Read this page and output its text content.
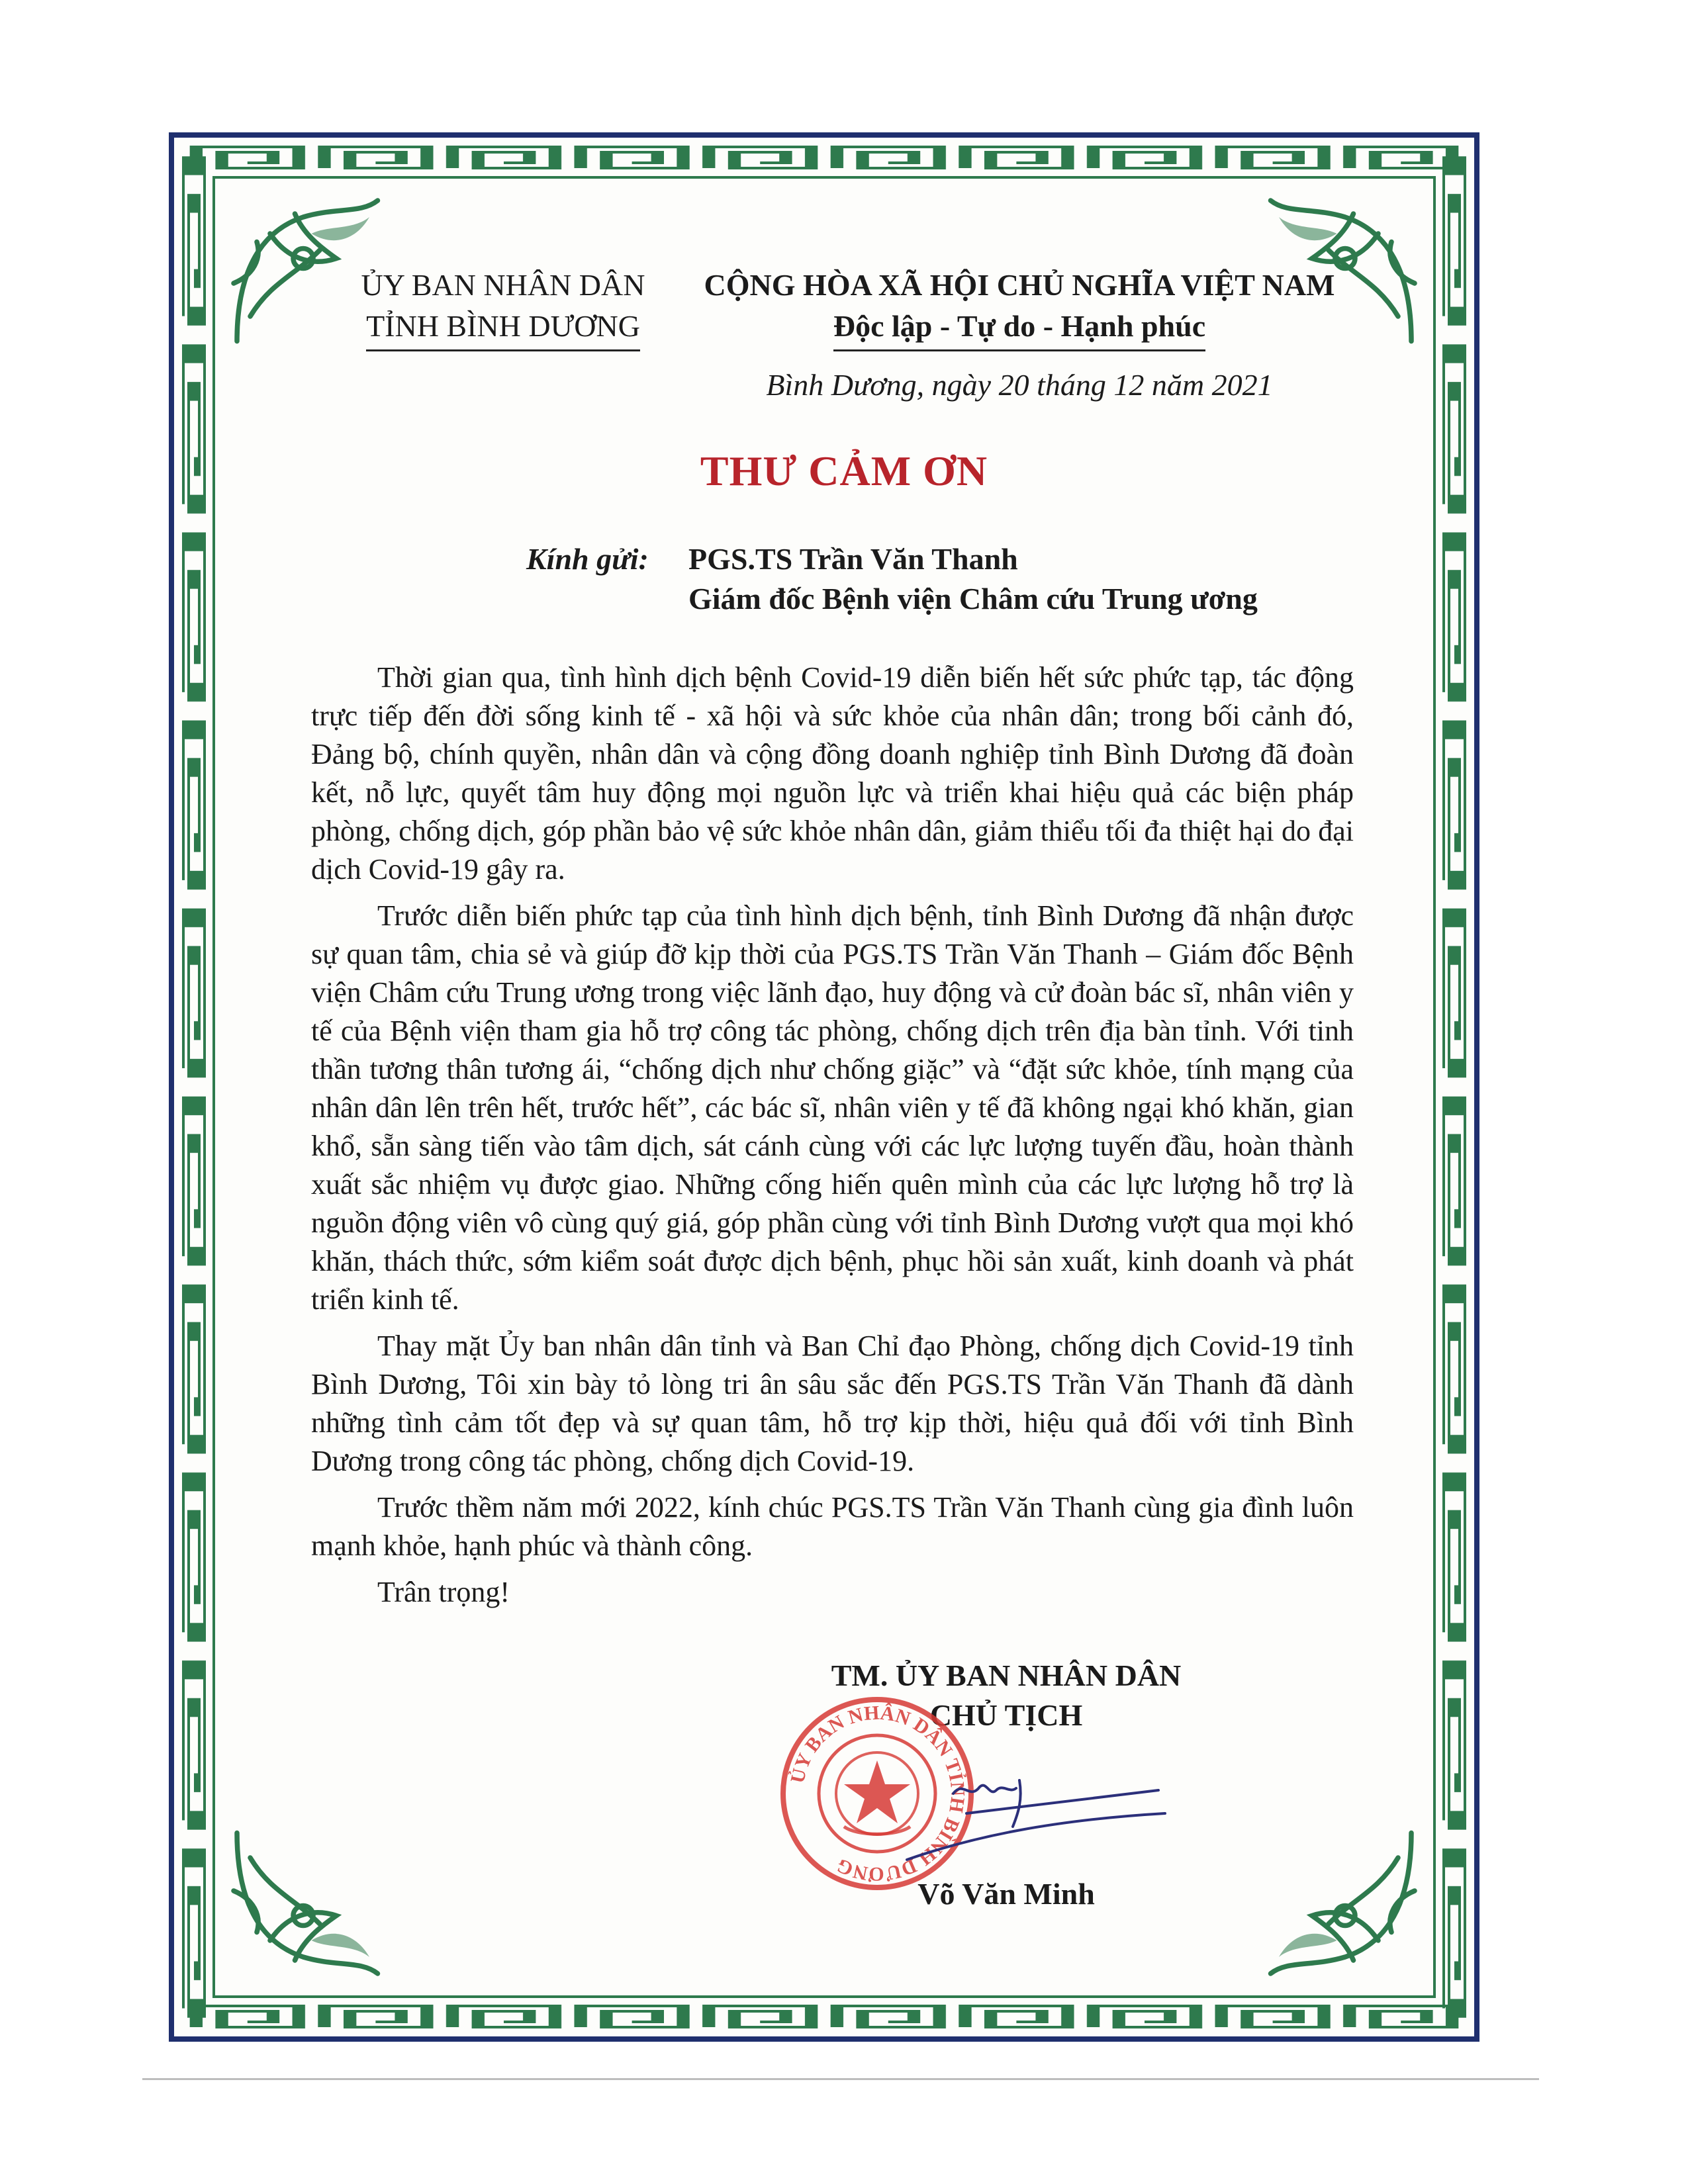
ỦY BAN NHÂN DÂN
TỈNH BÌNH DƯƠNG
CỘNG HÒA XÃ HỘI CHỦ NGHĨA VIỆT NAM
Độc lập - Tự do - Hạnh phúc
Bình Dương, ngày 20 tháng 12 năm 2021
THƯ CẢM ƠN
Kính gửi: PGS.TS Trần Văn Thanh
Giám đốc Bệnh viện Châm cứu Trung ương

Thời gian qua, tình hình dịch bệnh Covid-19 diễn biến hết sức phức tạp, tác động trực tiếp đến đời sống kinh tế - xã hội và sức khỏe của nhân dân; trong bối cảnh đó, Đảng bộ, chính quyền, nhân dân và cộng đồng doanh nghiệp tỉnh Bình Dương đã đoàn kết, nỗ lực, quyết tâm huy động mọi nguồn lực và triển khai hiệu quả các biện pháp phòng, chống dịch, góp phần bảo vệ sức khỏe nhân dân, giảm thiểu tối đa thiệt hại do đại dịch Covid-19 gây ra.

Trước diễn biến phức tạp của tình hình dịch bệnh, tỉnh Bình Dương đã nhận được sự quan tâm, chia sẻ và giúp đỡ kịp thời của PGS.TS Trần Văn Thanh – Giám đốc Bệnh viện Châm cứu Trung ương trong việc lãnh đạo, huy động và cử đoàn bác sĩ, nhân viên y tế của Bệnh viện tham gia hỗ trợ công tác phòng, chống dịch trên địa bàn tỉnh. Với tinh thần tương thân tương ái, “chống dịch như chống giặc” và “đặt sức khỏe, tính mạng của nhân dân lên trên hết, trước hết”, các bác sĩ, nhân viên y tế đã không ngại khó khăn, gian khổ, sẵn sàng tiến vào tâm dịch, sát cánh cùng với các lực lượng tuyến đầu, hoàn thành xuất sắc nhiệm vụ được giao. Những cống hiến quên mình của các lực lượng hỗ trợ là nguồn động viên vô cùng quý giá, góp phần cùng với tỉnh Bình Dương vượt qua mọi khó khăn, thách thức, sớm kiểm soát được dịch bệnh, phục hồi sản xuất, kinh doanh và phát triển kinh tế.

Thay mặt Ủy ban nhân dân tỉnh và Ban Chỉ đạo Phòng, chống dịch Covid-19 tỉnh Bình Dương, Tôi xin bày tỏ lòng tri ân sâu sắc đến PGS.TS Trần Văn Thanh đã dành những tình cảm tốt đẹp và sự quan tâm, hỗ trợ kịp thời, hiệu quả đối với tỉnh Bình Dương trong công tác phòng, chống dịch Covid-19.

Trước thềm năm mới 2022, kính chúc PGS.TS Trần Văn Thanh cùng gia đình luôn mạnh khỏe, hạnh phúc và thành công.

Trân trọng!

TM. ỦY BAN NHÂN DÂN
CHỦ TỊCH
ỦY BAN NHÂN DÂN TỈNH BÌNH DƯƠNG
Võ Văn Minh
